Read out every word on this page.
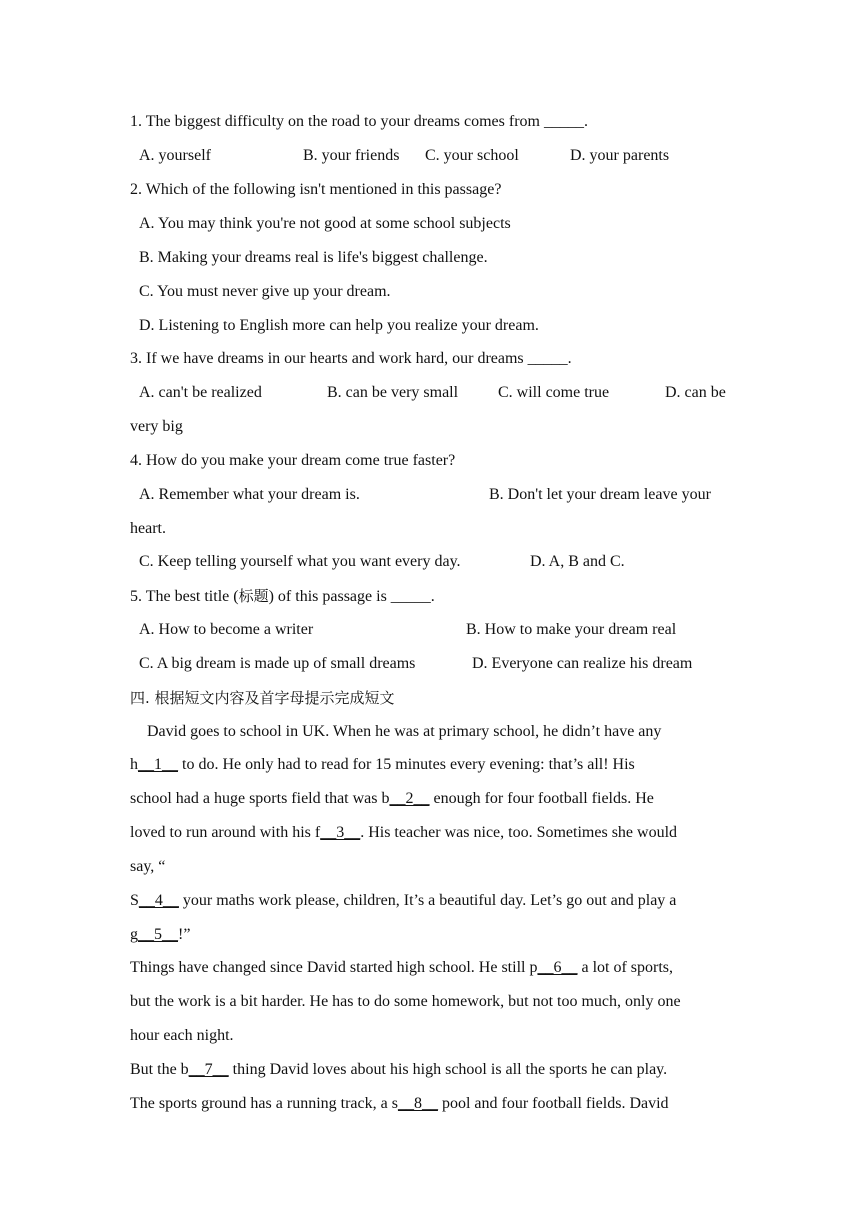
1. The biggest difficulty on the road to your dreams comes from _____.

A. yourself

	B. your friends

C. your school

	D. your parents

2. Which of the following isn't mentioned in this passage?
A. You may think you're not good at some school subjects
B. Making your dreams real is life's biggest challenge.
C. You must never give up your dream.
D. Listening to English more can help you realize your dream.
3. If we have dreams in our hearts and work hard, our dreams _____.

A. can't be realized

	B. can be very small

C. will come true

	D. can be

very big
4. How do you make your dream come true faster?

A. Remember what your dream is.

	B. Don't let your dream leave your

heart.

C. Keep telling yourself what you want every day.

	D. A, B and C.

5. The best title (标题) of this passage is _____.

A. How to become a writer

	B. How to make your dream real

C. A big dream is made up of small dreams

	D. Everyone can realize his dream

四. 根据短文内容及首字母提示完成短文
David goes to school in UK. When he was at primary school, he didn’t have any
h__1__ to do. He only had to read for 15 minutes every evening: that’s all! His
school had a huge sports field that was b__2__ enough for four football fields. He
loved to run around with his f__3__. His teacher was nice, too. Sometimes she would
say, “
S__4__ your maths work please, children, It’s a beautiful day. Let’s go out and play a
g__5__!”
Things have changed since David started high school. He still p__6__ a lot of sports,
but the work is a bit harder. He has to do some homework, but not too much, only one
hour each night.
But the b__7__ thing David loves about his high school is all the sports he can play.
The sports ground has a running track, a s__8__ pool and four football fields. David
